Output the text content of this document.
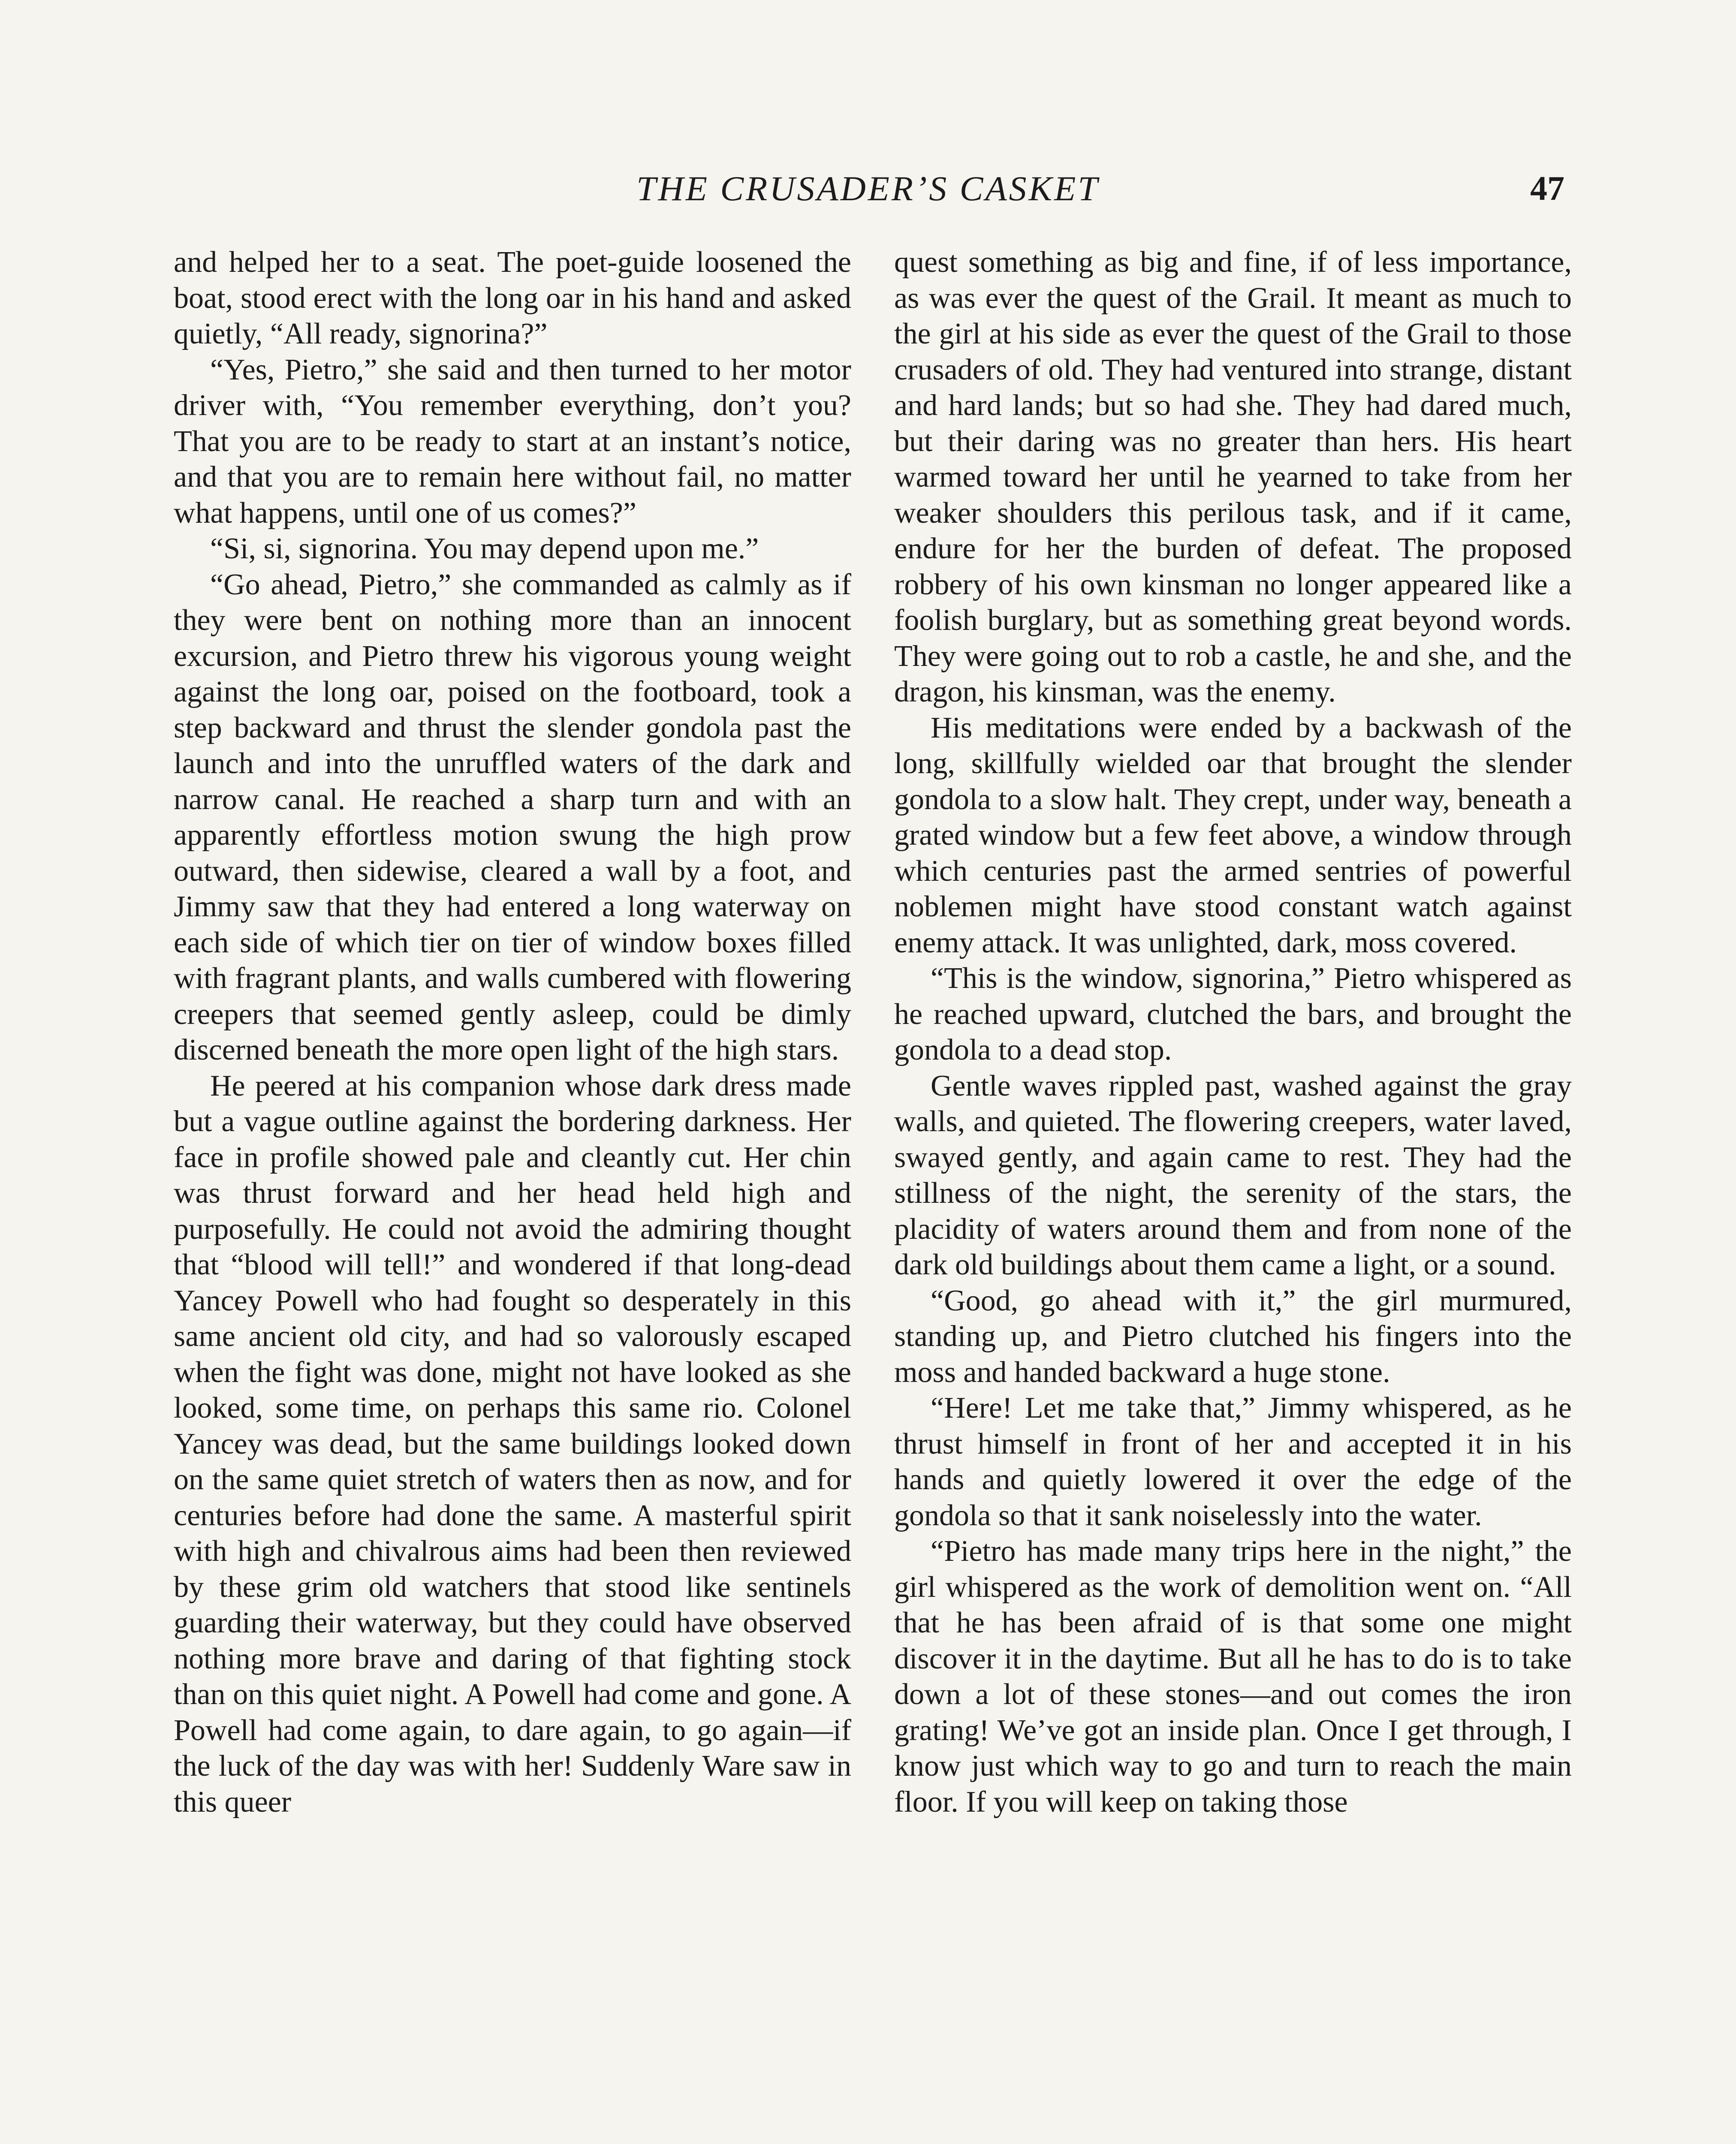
THE CRUSADER’S CASKET	47

and helped her to a seat. The poet-guide loosened the boat, stood erect with the long oar in his hand and asked quietly, “All ready, signorina?”

“Yes, Pietro,” she said and then turned to her motor driver with, “You remember everything, don’t you? That you are to be ready to start at an instant’s notice, and that you are to remain here without fail, no matter what happens, until one of us comes?”

“Si, si, signorina. You may depend upon me.”

“Go ahead, Pietro,” she commanded as calmly as if they were bent on nothing more than an innocent excursion, and Pietro threw his vigorous young weight against the long oar, poised on the footboard, took a step backward and thrust the slender gondola past the launch and into the unruffled waters of the dark and narrow canal. He reached a sharp turn and with an apparently effortless motion swung the high prow outward, then sidewise, cleared a wall by a foot, and Jimmy saw that they had entered a long waterway on each side of which tier on tier of window boxes filled with fragrant plants, and walls cumbered with flowering creepers that seemed gently asleep, could be dimly discerned beneath the more open light of the high stars.

He peered at his companion whose dark dress made but a vague outline against the bordering darkness. Her face in profile showed pale and cleantly cut. Her chin was thrust forward and her head held high and purposefully. He could not avoid the admiring thought that “blood will tell!” and wondered if that long-dead Yancey Powell who had fought so desperately in this same ancient old city, and had so valorously escaped when the fight was done, might not have looked as she looked, some time, on perhaps this same rio. Colonel Yancey was dead, but the same buildings looked down on the same quiet stretch of waters then as now, and for centuries before had done the same. A masterful spirit with high and chivalrous aims had been then reviewed by these grim old watchers that stood like sentinels guarding their waterway, but they could have observed nothing more brave and daring of that fighting stock than on this quiet night. A Powell had come and gone. A Powell had come again, to dare again, to go again—if the luck of the day was with her! Suddenly Ware saw in this queer

quest something as big and fine, if of less importance, as was ever the quest of the Grail. It meant as much to the girl at his side as ever the quest of the Grail to those crusaders of old. They had ventured into strange, distant and hard lands; but so had she. They had dared much, but their daring was no greater than hers. His heart warmed toward her until he yearned to take from her weaker shoulders this perilous task, and if it came, endure for her the burden of defeat. The proposed robbery of his own kinsman no longer appeared like a foolish burglary, but as something great beyond words. They were going out to rob a castle, he and she, and the dragon, his kinsman, was the enemy.

His meditations were ended by a backwash of the long, skillfully wielded oar that brought the slender gondola to a slow halt. They crept, under way, beneath a grated window but a few feet above, a window through which centuries past the armed sentries of powerful noblemen might have stood constant watch against enemy attack. It was unlighted, dark, moss covered.

“This is the window, signorina,” Pietro whispered as he reached upward, clutched the bars, and brought the gondola to a dead stop.

Gentle waves rippled past, washed against the gray walls, and quieted. The flowering creepers, water laved, swayed gently, and again came to rest. They had the stillness of the night, the serenity of the stars, the placidity of waters around them and from none of the dark old buildings about them came a light, or a sound.

“Good, go ahead with it,” the girl murmured, standing up, and Pietro clutched his fingers into the moss and handed backward a huge stone.

“Here! Let me take that,” Jimmy whispered, as he thrust himself in front of her and accepted it in his hands and quietly lowered it over the edge of the gondola so that it sank noiselessly into the water.

“Pietro has made many trips here in the night,” the girl whispered as the work of demolition went on. “All that he has been afraid of is that some one might discover it in the daytime. But all he has to do is to take down a lot of these stones—and out comes the iron grating! We’ve got an inside plan. Once I get through, I know just which way to go and turn to reach the main floor. If you will keep on taking those
